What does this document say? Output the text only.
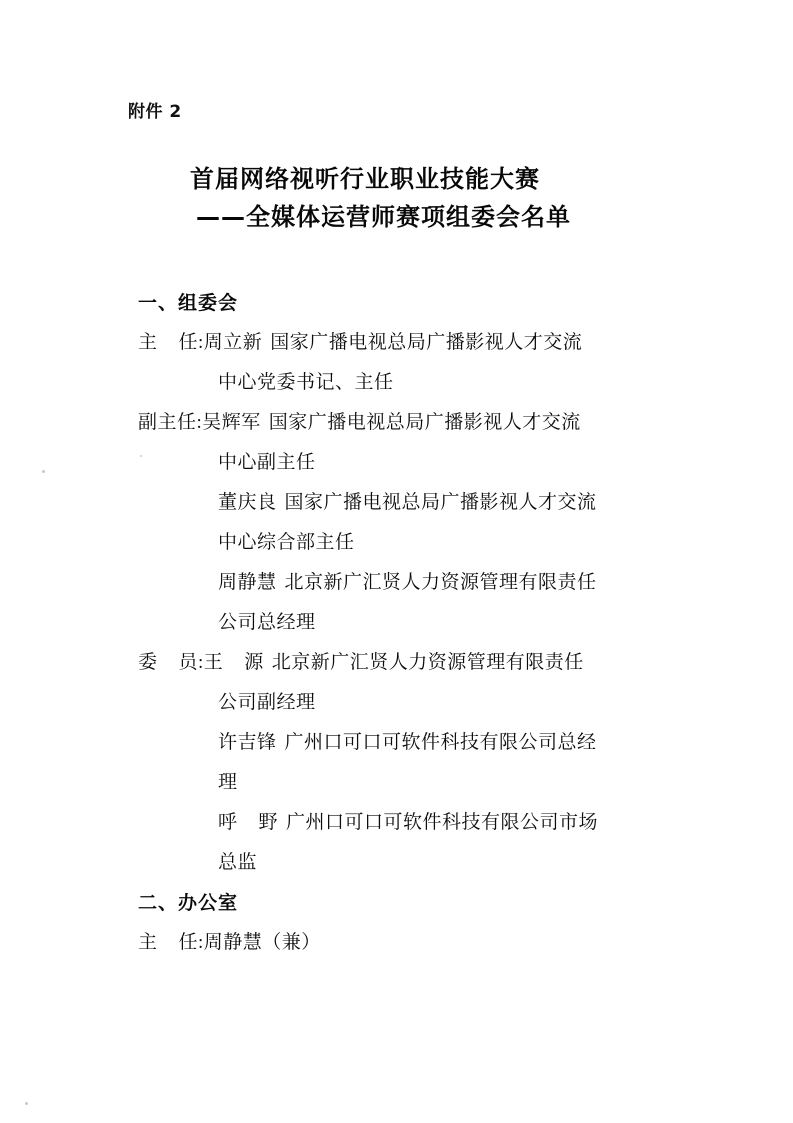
附件 2
首届网络视听行业职业技能大赛
——全媒体运营师赛项组委会名单
一、组委会
主    任: 周立新 国家广播电视总局广播影视人才交流
中心党委书记、主任
副主任: 吴辉军 国家广播电视总局广播影视人才交流
中心副主任
董庆良 国家广播电视总局广播影视人才交流
中心综合部主任
周静慧 北京新广汇贤人力资源管理有限责任
公司总经理
委    员: 王    源 北京新广汇贤人力资源管理有限责任
公司副经理
许吉锋 广州口可口可软件科技有限公司总经
理
呼    野 广州口可口可软件科技有限公司市场
总监
二、办公室
主    任: 周静慧（兼）
